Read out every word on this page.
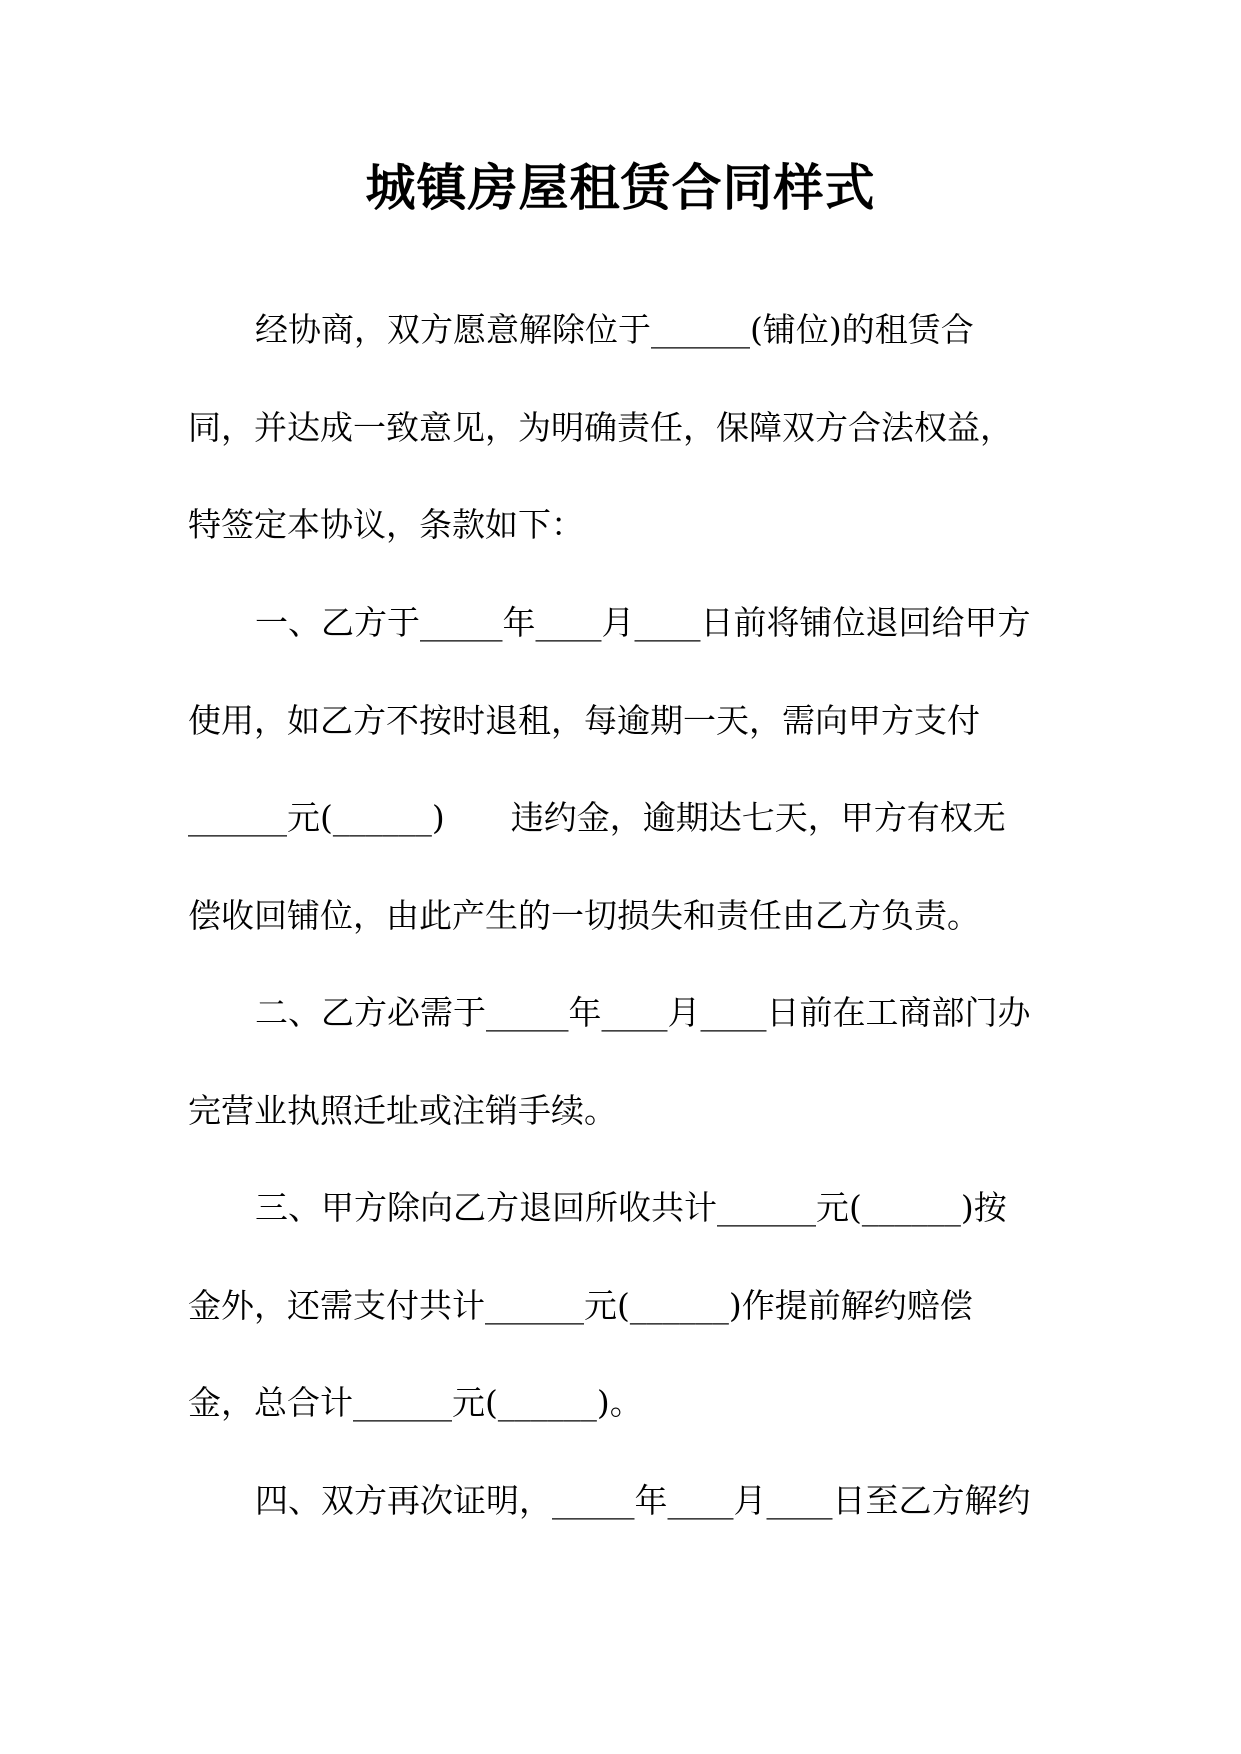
城镇房屋租赁合同样式
经协商，双方愿意解除位于______(铺位)的租赁合
同，并达成一致意见，为明确责任，保障双方合法权益，
特签定本协议，条款如下：
一、乙方于_____年____月____日前将铺位退回给甲方
使用，如乙方不按时退租，每逾期一天，需向甲方支付
______元(______)　　违约金，逾期达七天，甲方有权无
偿收回铺位，由此产生的一切损失和责任由乙方负责。
二、乙方必需于_____年____月____日前在工商部门办
完营业执照迁址或注销手续。
三、甲方除向乙方退回所收共计______元(______)按
金外，还需支付共计______元(______)作提前解约赔偿
金，总合计______元(______)。
四、双方再次证明，_____年____月____日至乙方解约
